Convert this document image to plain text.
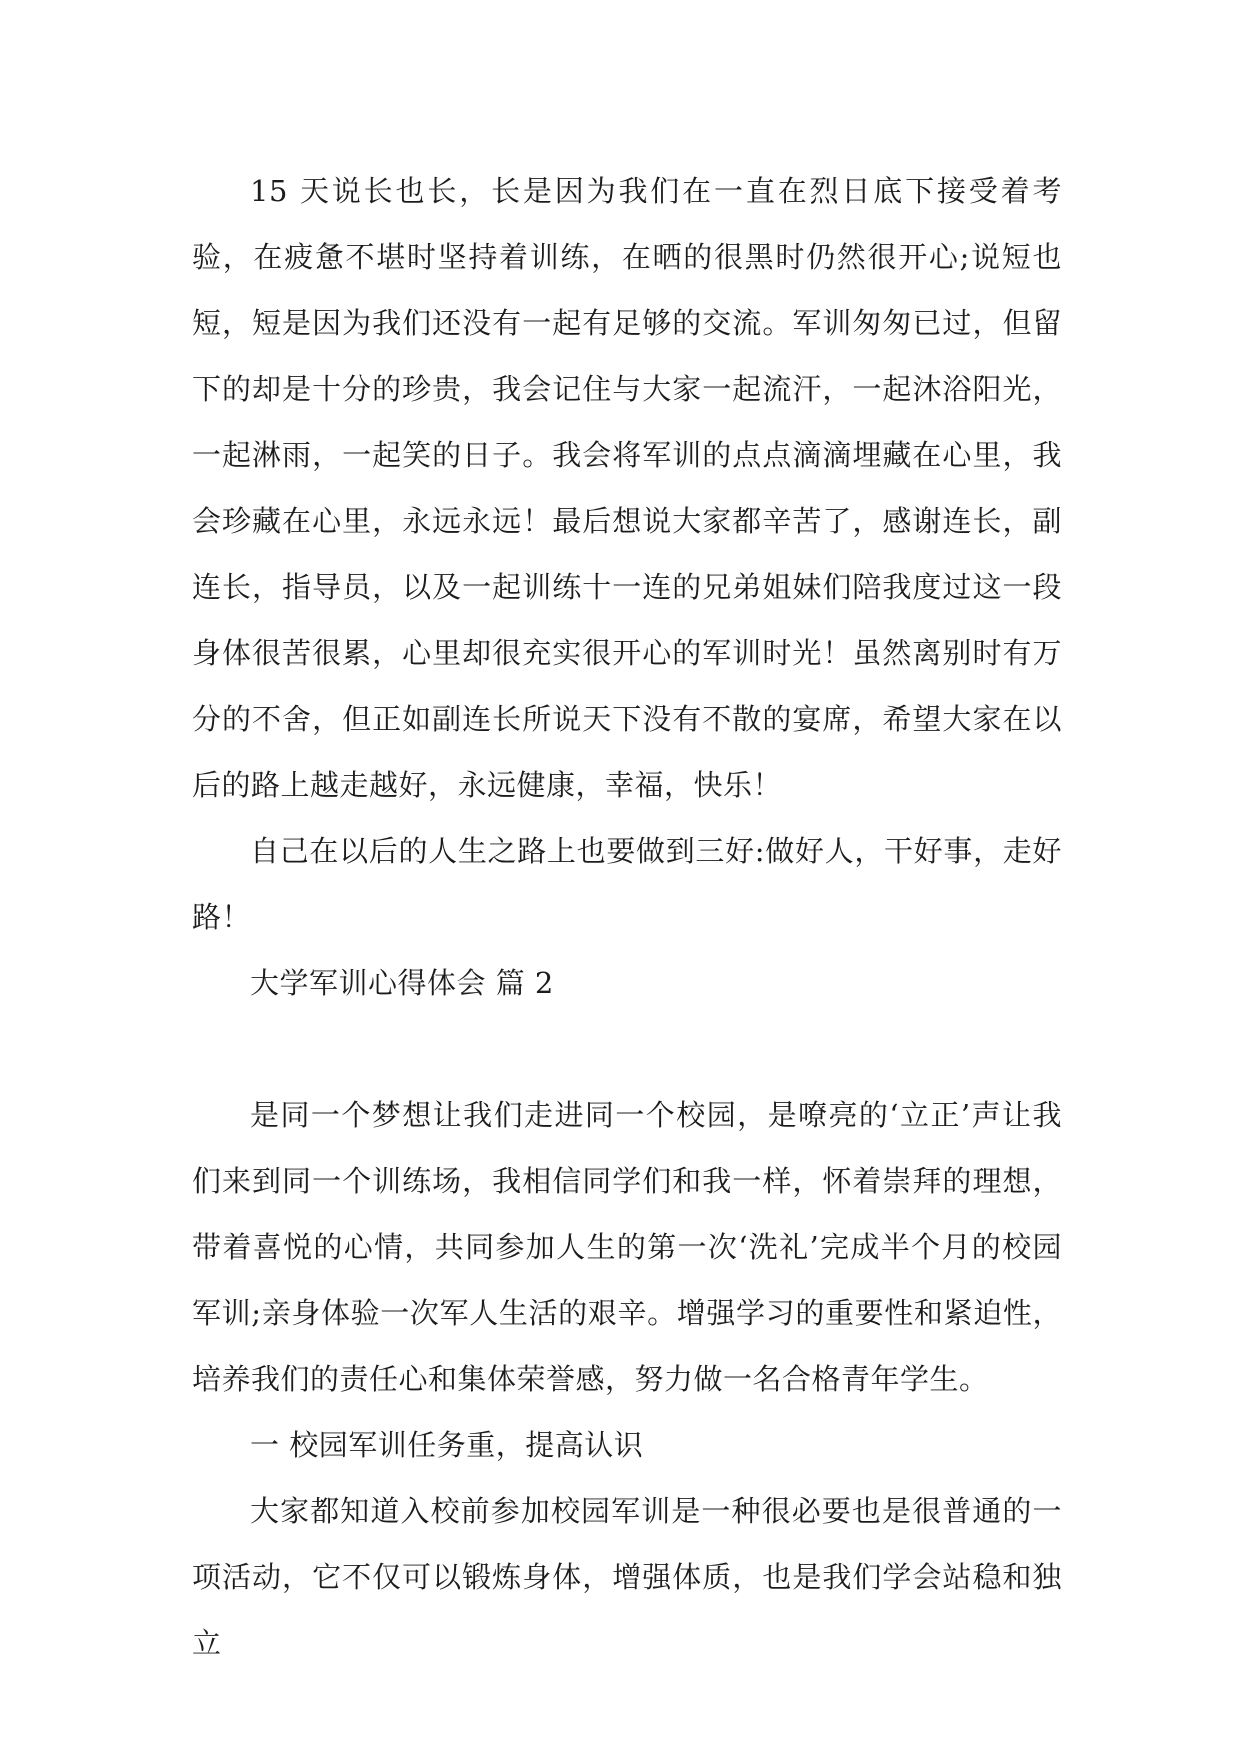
15 天说长也长，长是因为我们在一直在烈日底下接受着考验，在疲惫不堪时坚持着训练，在晒的很黑时仍然很开心;说短也短，短是因为我们还没有一起有足够的交流。军训匆匆已过，但留下的却是十分的珍贵，我会记住与大家一起流汗，一起沐浴阳光，一起淋雨，一起笑的日子。我会将军训的点点滴滴埋藏在心里，我会珍藏在心里，永远永远！最后想说大家都辛苦了，感谢连长，副连长，指导员，以及一起训练十一连的兄弟姐妹们陪我度过这一段身体很苦很累，心里却很充实很开心的军训时光！虽然离别时有万分的不舍，但正如副连长所说天下没有不散的宴席，希望大家在以后的路上越走越好，永远健康，幸福，快乐！

自己在以后的人生之路上也要做到三好:做好人，干好事，走好路！

大学军训心得体会 篇 2

是同一个梦想让我们走进同一个校园，是嘹亮的‘立正’声让我们来到同一个训练场，我相信同学们和我一样，怀着崇拜的理想，带着喜悦的心情，共同参加人生的第一次‘洗礼’完成半个月的校园军训;亲身体验一次军人生活的艰辛。增强学习的重要性和紧迫性，培养我们的责任心和集体荣誉感，努力做一名合格青年学生。

一 校园军训任务重，提高认识

大家都知道入校前参加校园军训是一种很必要也是很普通的一项活动，它不仅可以锻炼身体，增强体质，也是我们学会站稳和独立
